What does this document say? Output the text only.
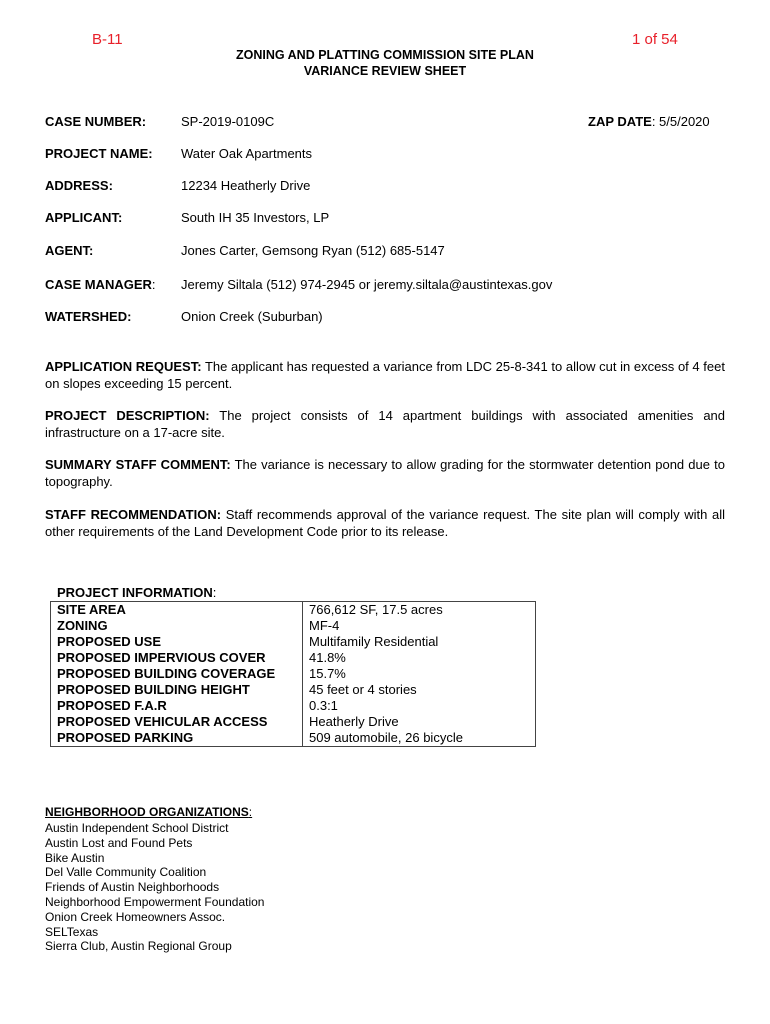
B-11	1 of 54
ZONING AND PLATTING COMMISSION SITE PLAN
VARIANCE REVIEW SHEET
CASE NUMBER:	SP-2019-0109C	ZAP DATE: 5/5/2020
PROJECT NAME: Water Oak Apartments
ADDRESS:	12234 Heatherly Drive
APPLICANT:	South IH 35 Investors, LP
AGENT:	Jones Carter, Gemsong Ryan (512) 685-5147
CASE MANAGER: Jeremy Siltala (512) 974-2945 or jeremy.siltala@austintexas.gov
WATERSHED:	Onion Creek (Suburban)
APPLICATION REQUEST: The applicant has requested a variance from LDC 25-8-341 to allow cut in excess of 4 feet on slopes exceeding 15 percent.
PROJECT DESCRIPTION: The project consists of 14 apartment buildings with associated amenities and infrastructure on a 17-acre site.
SUMMARY STAFF COMMENT: The variance is necessary to allow grading for the stormwater detention pond due to topography.
STAFF RECOMMENDATION: Staff recommends approval of the variance request. The site plan will comply with all other requirements of the Land Development Code prior to its release.
PROJECT INFORMATION:
SITE AREA	766,612 SF, 17.5 acres
ZONING	MF-4
PROPOSED USE	Multifamily Residential
PROPOSED IMPERVIOUS COVER	41.8%
PROPOSED BUILDING COVERAGE	15.7%
PROPOSED BUILDING HEIGHT	45 feet or 4 stories
PROPOSED F.A.R	0.3:1
PROPOSED VEHICULAR ACCESS	Heatherly Drive
PROPOSED PARKING	509 automobile, 26 bicycle
NEIGHBORHOOD ORGANIZATIONS:
Austin Independent School District
Austin Lost and Found Pets
Bike Austin
Del Valle Community Coalition
Friends of Austin Neighborhoods
Neighborhood Empowerment Foundation
Onion Creek Homeowners Assoc.
SELTexas
Sierra Club, Austin Regional Group
